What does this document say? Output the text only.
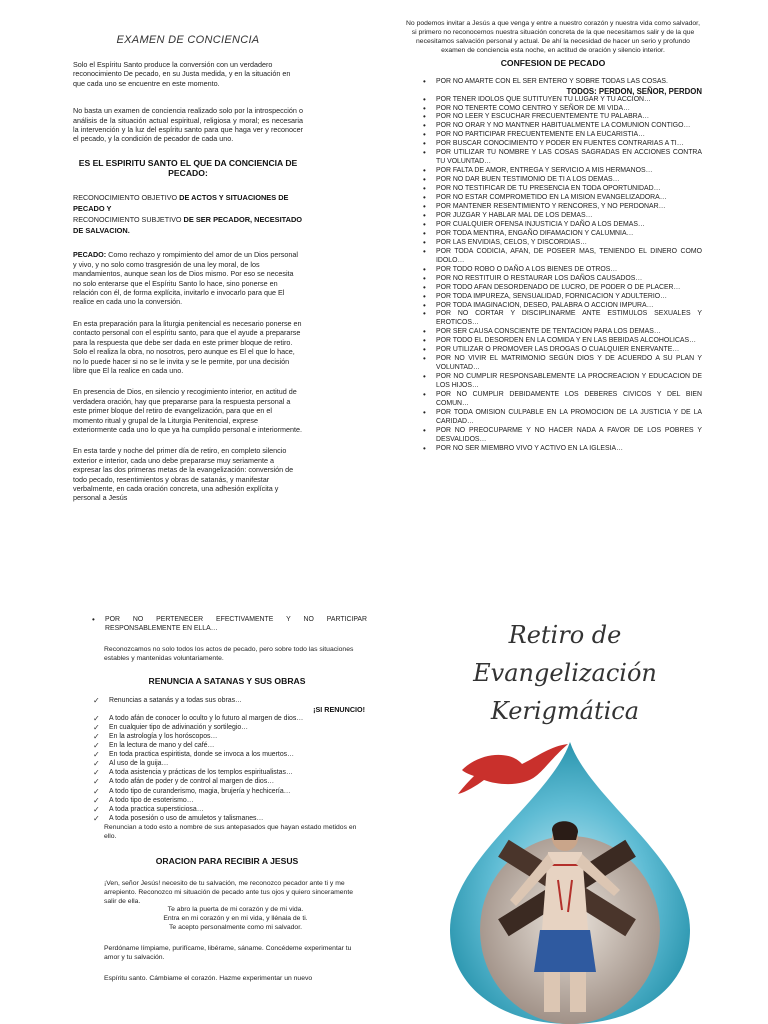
EXAMEN DE CONCIENCIA
Solo el Espíritu Santo produce la conversión con un verdadero reconocimiento De pecado, en su Justa medida, y en la situación en que cada uno se encuentre en este momento.
No basta un examen de conciencia realizado solo por la introspección o análisis de la situación actual espiritual, religiosa y moral; es necesaria la intervención y la luz del espíritu santo para que haga ver y reconocer el pecado, y la condición de pecador de cada uno.
ES EL ESPIRITU SANTO EL QUE DA CONCIENCIA DE PECADO:
RECONOCIMIENTO OBJETIVO DE ACTOS Y SITUACIONES DE PECADO Y
RECONOCIMIENTO SUBJETIVO DE SER PECADOR, NECESITADO DE SALVACION.
PECADO: Como rechazo y rompimiento del amor de un Dios personal y vivo, y no solo como trasgresión de una ley moral, de los mandamientos, aunque sean los de Dios mismo. Por eso se necesita no solo enterarse que el Espíritu Santo lo hace, sino ponerse en relación con él, de forma explícita, invitarlo e invocarlo para que El realice en cada uno la conversión.
En esta preparación para la liturgia penitencial es necesario ponerse en contacto personal con el espíritu santo, para que el ayude a prepararse para la respuesta que debe ser dada en este primer bloque de retiro. Solo el realiza la obra, no nosotros, pero aunque es El el que lo hace, no lo puede hacer si no se le invita y se le permite, por una decisión libre que El la realice en cada uno.
En presencia de Dios, en silencio y recogimiento interior, en actitud de verdadera oración, hay que prepararse para la respuesta personal a este primer bloque del retiro de evangelización, para que en el momento ritual y grupal de la Liturgia Penitencial, exprese exteriormente cada uno lo que ya ha cumplido personal e interiormente.
En esta tarde y noche del primer día de retiro, en completo silencio exterior e interior, cada uno debe prepararse muy seriamente a expresar las dos primeras metas de la evangelización: conversión de todo pecado, resentimientos y obras de satanás, y manifestar verbalmente, en cada oración concreta, una adhesión explícita y personal a Jesús
No podemos invitar a Jesús a que venga y entre a nuestro corazón y nuestra vida como salvador, si primero no reconocemos nuestra situación concreta de la que necesitamos salir y de la que necesitamos salvación personal y actual. De ahí la necesidad de hacer un serio y profundo examen de conciencia esta noche, en actitud de oración y silencio interior.
CONFESION DE PECADO
• POR NO AMARTE CON EL SER ENTERO Y SOBRE TODAS LAS COSAS.
TODOS: PERDON, SEÑOR, PERDON
• POR TENER IDOLOS QUE SUTITUYEN TU LUGAR Y TU ACCION…
• POR NO TENERTE COMO CENTRO Y SEÑOR DE MI VIDA…
• POR NO LEER Y ESCUCHAR FRECUENTEMENTE TU PALABRA…
• POR NO ORAR Y NO MANTNER HABITUALMENTE LA COMUNION CONTIGO…
• POR NO PARTICIPAR FRECUENTEMENTE EN LA EUCARISTIA…
• POR BUSCAR CONOCIMIENTO Y PODER EN FUENTES CONTRARIAS A TI…
• POR UTILIZAR TU NOMBRE Y LAS COSAS SAGRADAS EN ACCIONES CONTRA TU VOLUNTAD…
• POR FALTA DE AMOR, ENTREGA Y SERVICIO A MIS HERMANOS…
• POR NO DAR BUEN TESTIMONIO DE TI A LOS DEMAS…
• POR NO TESTIFICAR DE TU PRESENCIA EN TODA OPORTUNIDAD…
• POR NO ESTAR COMPROMETIDO EN LA MISION EVANGELIZADORA…
• POR MANTENER RESENTIMIENTO Y RENCORES, Y NO PERDONAR…
• POR JUZGAR Y HABLAR MAL DE LOS DEMAS…
• POR CUALQUIER OFENSA INJUSTICIA Y DAÑO A LOS DEMAS…
• POR TODA MENTIRA, ENGAÑO DIFAMACION Y CALUMNIA…
• POR LAS ENVIDIAS, CELOS, Y DISCORDIAS…
• POR TODA CODICIA, AFAN, DE POSEER MAS, TENIENDO EL DINERO COMO IDOLO…
• POR TODO ROBO O DAÑO A LOS BIENES DE OTROS…
• POR NO RESTITUIR O RESTAURAR LOS DAÑOS CAUSADOS…
• POR TODO AFAN DESORDENADO DE LUCRO, DE PODER O DE PLACER…
• POR TODA IMPUREZA, SENSUALIDAD, FORNICACION Y ADULTERIO…
• POR TODA IMAGINACION, DESEO, PALABRA O ACCION IMPURA…
• POR NO CORTAR Y DISCIPLINARME ANTE ESTIMULOS SEXUALES Y EROTICOS…
• POR SER CAUSA CONSCIENTE DE TENTACION PARA LOS DEMAS…
• POR TODO EL DESORDEN EN LA COMIDA Y EN LAS BEBIDAS ALCOHOLICAS…
• POR UTILIZAR O PROMOVER LAS DROGAS O CUALQUIER ENERVANTE…
• POR NO VIVIR EL MATRIMONIO SEGÚN DIOS Y DE ACUERDO A SU PLAN Y VOLUNTAD…
• POR NO CUMPLIR RESPONSABLEMENTE LA PROCREACION Y EDUCACION DE LOS HIJOS…
• POR NO CUMPLIR DEBIDAMENTE LOS DEBERES CIVICOS Y DEL BIEN COMUN…
• POR TODA OMISION CULPABLE EN LA PROMOCION DE LA JUSTICIA Y DE LA CARIDAD…
• POR NO PREOCUPARME Y NO HACER NADA A FAVOR DE LOS POBRES Y DESVALIDOS…
• POR NO SER MIEMBRO VIVO Y ACTIVO EN LA IGLESIA…
• POR NO PERTENECER EFECTIVAMENTE Y NO PARTICIPAR RESPONSABLEMENTE EN ELLA…
Reconozcamos no solo todos los actos de pecado, pero sobre todo las situaciones estables y mantenidas voluntariamente.
RENUNCIA A SATANAS Y SUS OBRAS
✓ Renuncias a satanás y a todas sus obras…
¡SI RENUNCIO!
✓ A todo afán de conocer lo oculto y lo futuro al margen de dios…
✓ En cualquier tipo de adivinación y sortilegio…
✓ En la astrología y los horóscopos…
✓ En la lectura de mano y del café…
✓ En toda practica espiritista, donde se invoca a los muertos…
✓ Al uso de la guija…
✓ A toda asistencia y prácticas de los templos espiritualistas…
✓ A todo afán de poder y de control al margen de dios…
✓ A todo tipo de curanderismo, magia, brujería y hechicería…
✓ A todo tipo de esoterismo…
✓ A toda practica supersticiosa…
✓ A toda posesión o uso de amuletos y talismanes…
Renuncian a todo esto a nombre de sus antepasados que hayan estado metidos en ello.
ORACION PARA RECIBIR A JESUS
¡Ven, señor Jesús! necesito de tu salvación, me reconozco pecador ante ti y me arrepiento. Reconozco mi situación de pecado ante tus ojos y quiero sinceramente salir de ella.
Te abro la puerta de mi corazón y de mi vida.
Entra en mi corazón y en mi vida, y llénala de ti.
Te acepto personalmente como mi salvador.
Perdóname límpiame, purifícame, libérame, sáname. Concédeme experimentar tu amor y tu salvación.
Espíritu santo. Cámbiame el corazón. Hazme experimentar un nuevo
Retiro de
Evangelización
Kerigmática
